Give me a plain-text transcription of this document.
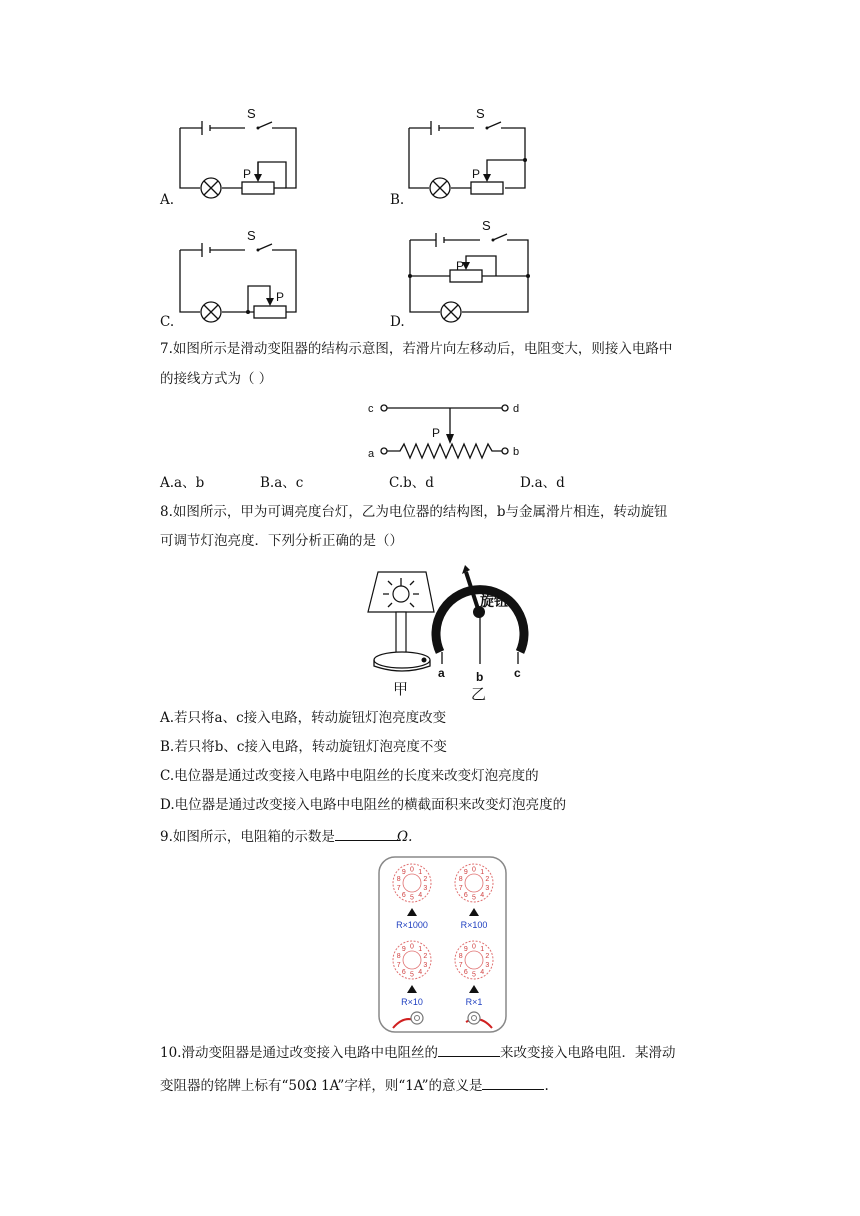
S
P
A.
S
P
B.
S
P
C.
S
P
D.
7.如图所示是滑动变阻器的结构示意图，若滑片向左移动后，电阻变大，则接入电路中
的接线方式为（ ）
c	d
a	b
P
A.a、b	B.a、c	C.b、d	D.a、d
8.如图所示，甲为可调亮度台灯，乙为电位器的结构图，b与金属滑片相连，转动旋钮
可调节灯泡亮度．下列分析正确的是（）
旋钮
a	b	c
甲	乙
A.若只将a、c接入电路，转动旋钮灯泡亮度改变
B.若只将b、c接入电路，转动旋钮灯泡亮度不变
C.电位器是通过改变接入电路中电阻丝的长度来改变灯泡亮度的
D.电位器是通过改变接入电路中电阻丝的横截面积来改变灯泡亮度的
9.如图所示，电阻箱的示数是	Ω.
0 1
2
3
4
5
6
7
8
9
R×1000
0 1
2
3
4
5
6
7
8
9
R×100
0 1
2
3
4
5
6
7
8
9
R×10
0 1
2
3
4
5
6
7
8
9
R×1
10.滑动变阻器是通过改变接入电路中电阻丝的	来改变接入电路电阻．某滑动
变阻器的铭牌上标有“50Ω 1A”字样，则“1A”的意义是	.
